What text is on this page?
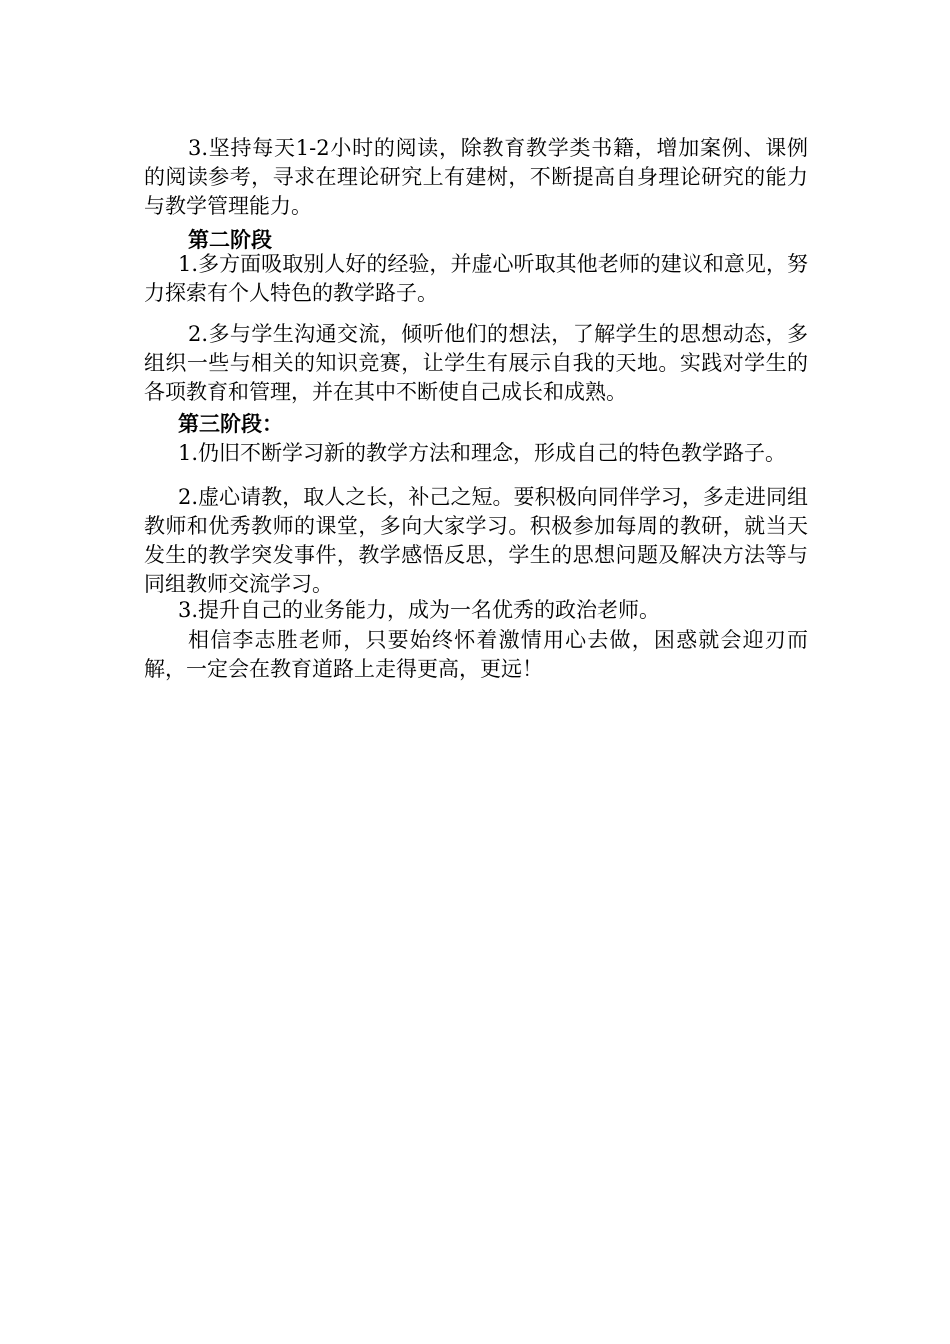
3.坚持每天1-2小时的阅读，除教育教学类书籍，增加案例、课例的阅读参考，寻求在理论研究上有建树，不断提高自身理论研究的能力与教学管理能力。

第二阶段

1.多方面吸取别人好的经验，并虚心听取其他老师的建议和意见，努力探索有个人特色的教学路子。

2.多与学生沟通交流，倾听他们的想法，了解学生的思想动态，多组织一些与相关的知识竞赛，让学生有展示自我的天地。实践对学生的各项教育和管理，并在其中不断使自己成长和成熟。

第三阶段：

1.仍旧不断学习新的教学方法和理念，形成自己的特色教学路子。

2.虚心请教，取人之长，补己之短。要积极向同伴学习，多走进同组教师和优秀教师的课堂，多向大家学习。积极参加每周的教研，就当天发生的教学突发事件，教学感悟反思，学生的思想问题及解决方法等与同组教师交流学习。

3.提升自己的业务能力，成为一名优秀的政治老师。

相信李志胜老师，只要始终怀着激情用心去做，困惑就会迎刃而解，一定会在教育道路上走得更高，更远！
